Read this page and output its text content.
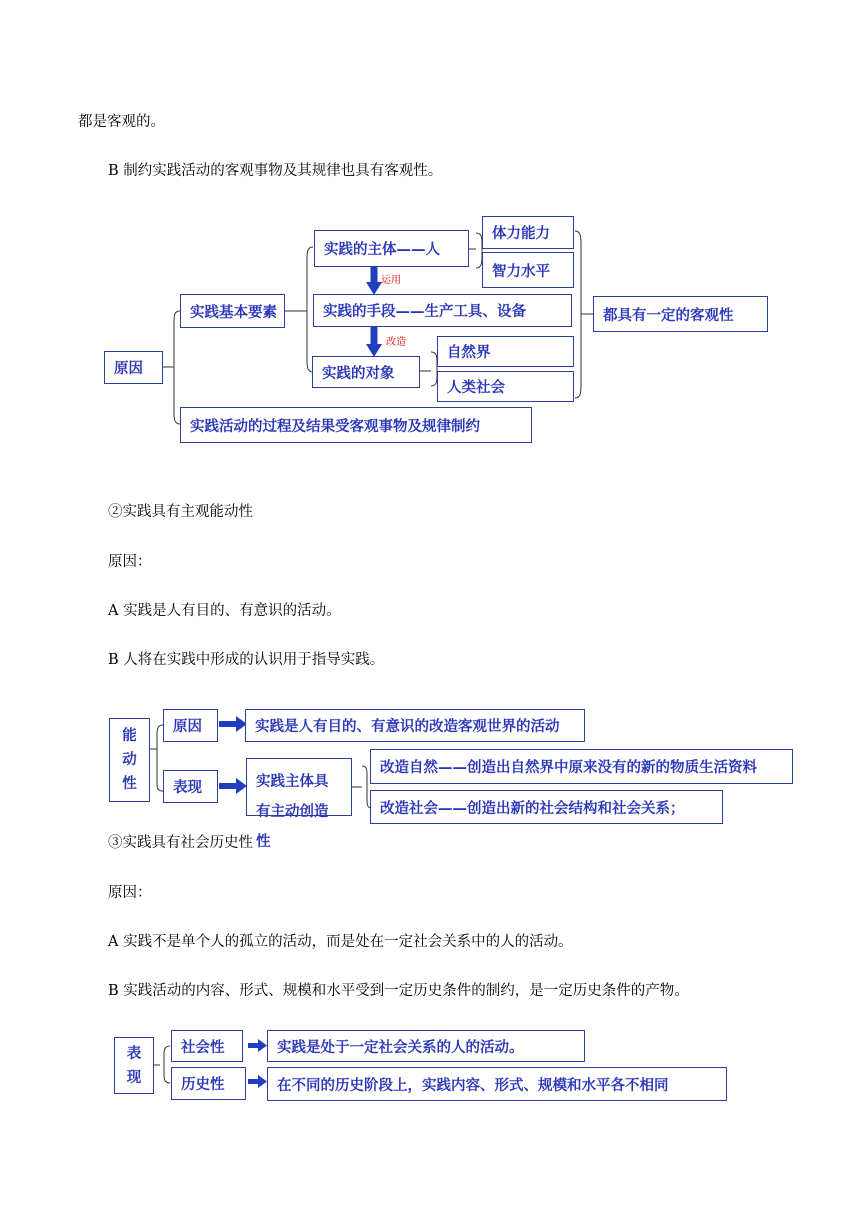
都是客观的。
B 制约实践活动的客观事物及其规律也具有客观性。
②实践具有主观能动性
原因：
A 实践是人有目的、有意识的活动。
B 人将在实践中形成的认识用于指导实践。
③实践具有社会历史性
原因：
A 实践不是单个人的孤立的活动，而是处在一定社会关系中的人的活动。
B 实践活动的内容、形式、规模和水平受到一定历史条件的制约，是一定历史条件的产物。
原因
实践基本要素
实践的主体——人
体力能力
智力水平
实践的手段——生产工具、设备
实践的对象
自然界
人类社会
都具有一定的客观性
实践活动的过程及结果受客观事物及规律制约
运用
改造
能
动
性
原因	实践是人有目的、有意识的改造客观世界的活动
表现	实践主体具有主动创造性
改造自然——创造出自然界中原来没有的新的物质生活资料
改造社会——创造出新的社会结构和社会关系；
表
现
社会性	实践是处于一定社会关系的人的活动。
历史性	在不同的历史阶段上，实践内容、形式、规模和水平各不相同
